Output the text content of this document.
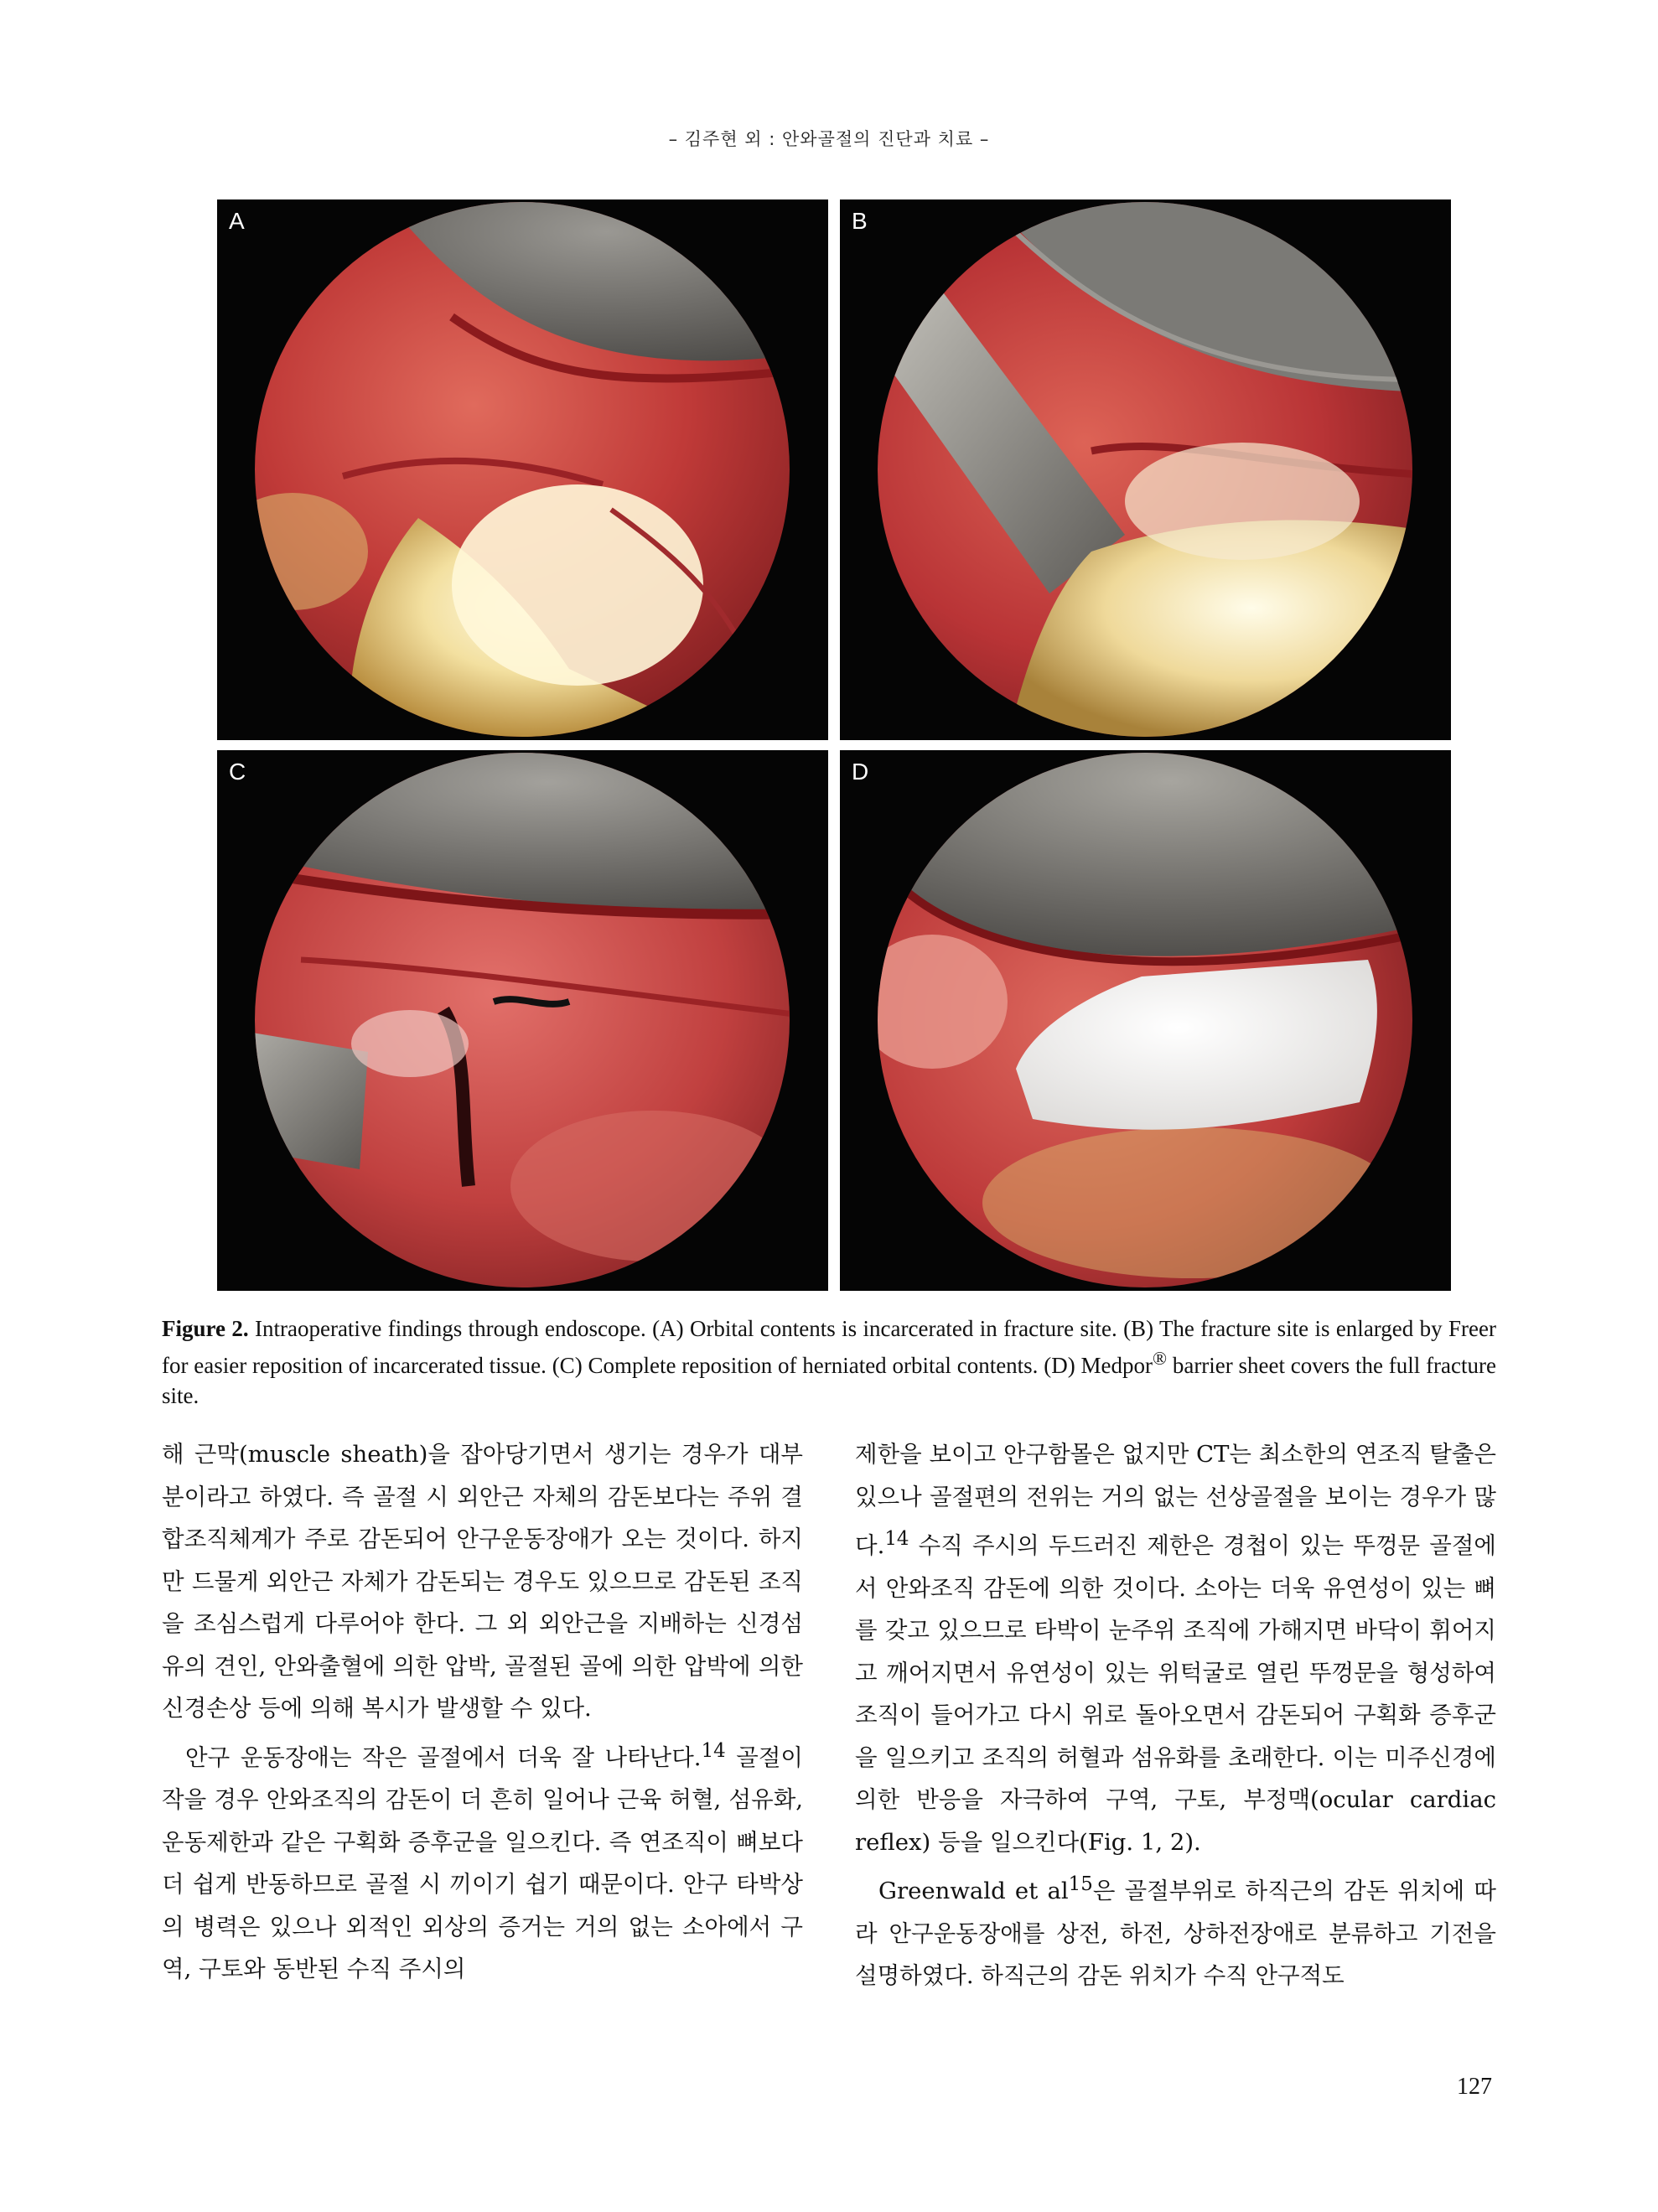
– 김주현 외 : 안와골절의 진단과 치료 –
A	B
C	D
Figure 2. Intraoperative findings through endoscope. (A) Orbital contents is incarcerated in fracture site. (B) The fracture site is enlarged by Freer for easier reposition of incarcerated tissue. (C) Complete reposition of herniated orbital contents. (D) Medpor® barrier sheet covers the full fracture site.

해 근막(muscle sheath)을 잡아당기면서 생기는 경우가 대부분이라고 하였다. 즉 골절 시 외안근 자체의 감돈보다는 주위 결합조직체계가 주로 감돈되어 안구운동장애가 오는 것이다. 하지만 드물게 외안근 자체가 감돈되는 경우도 있으므로 감돈된 조직을 조심스럽게 다루어야 한다. 그 외 외안근을 지배하는 신경섬유의 견인, 안와출혈에 의한 압박, 골절된 골에 의한 압박에 의한 신경손상 등에 의해 복시가 발생할 수 있다.

안구 운동장애는 작은 골절에서 더욱 잘 나타난다.$^{14}$ 골절이 작을 경우 안와조직의 감돈이 더 흔히 일어나 근육 허혈, 섬유화, 운동제한과 같은 구획화 증후군을 일으킨다. 즉 연조직이 뼈보다 더 쉽게 반동하므로 골절 시 끼이기 쉽기 때문이다. 안구 타박상의 병력은 있으나 외적인 외상의 증거는 거의 없는 소아에서 구역, 구토와 동반된 수직 주시의

제한을 보이고 안구함몰은 없지만 CT는 최소한의 연조직 탈출은 있으나 골절편의 전위는 거의 없는 선상골절을 보이는 경우가 많다.$^{14}$ 수직 주시의 두드러진 제한은 경첩이 있는 뚜껑문 골절에서 안와조직 감돈에 의한 것이다. 소아는 더욱 유연성이 있는 뼈를 갖고 있으므로 타박이 눈주위 조직에 가해지면 바닥이 휘어지고 깨어지면서 유연성이 있는 위턱굴로 열린 뚜껑문을 형성하여 조직이 들어가고 다시 위로 돌아오면서 감돈되어 구획화 증후군을 일으키고 조직의 허혈과 섬유화를 초래한다. 이는 미주신경에 의한 반응을 자극하여 구역, 구토, 부정맥(ocular cardiac reflex) 등을 일으킨다(Fig. 1, 2).

Greenwald et $al^{15}$은 골절부위로 하직근의 감돈 위치에 따라 안구운동장애를 상전, 하전, 상하전장애로 분류하고 기전을 설명하였다. 하직근의 감돈 위치가 수직 안구적도

127
